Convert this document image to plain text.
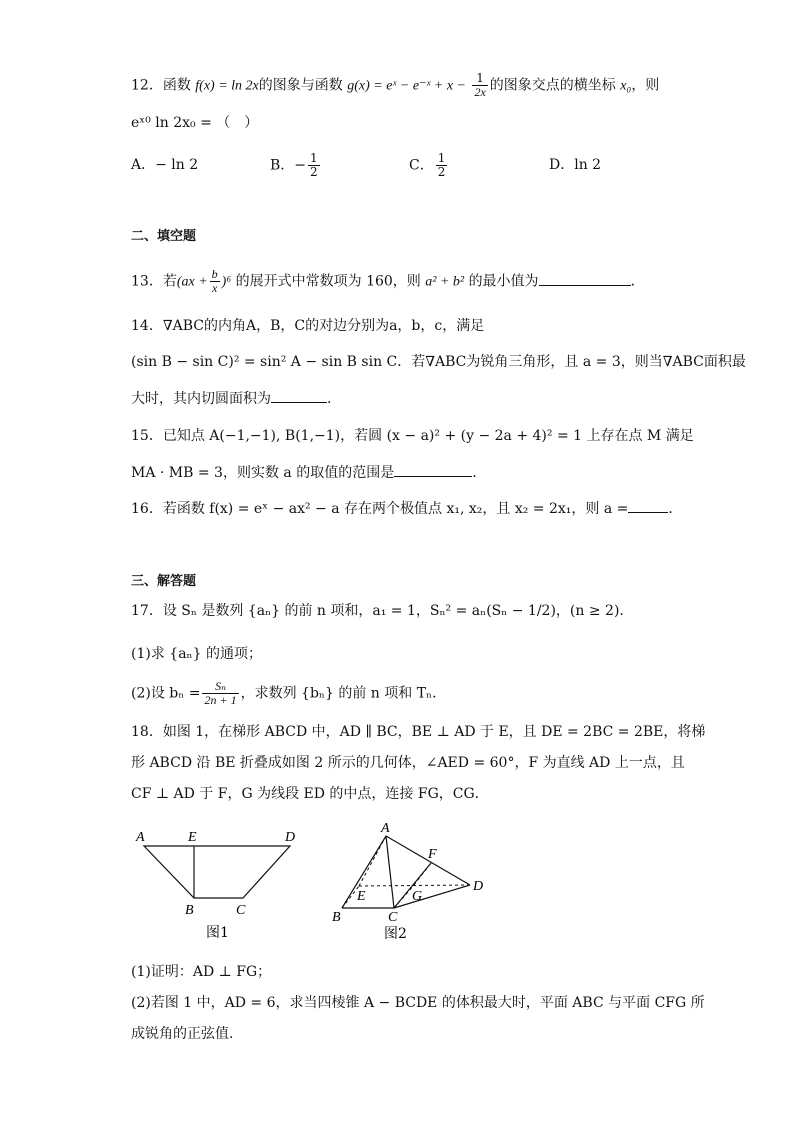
12．函数 f(x) = ln 2x的图象与函数 g(x) = eˣ − e⁻ˣ + $x - \frac{1}{2x}$ 的图象交点的横坐标 x₀，则
eˣ⁰ ln 2x₀ = （　）
A．− ln 2	B．− $\frac{1}{2}$	C． $\frac{1}{2}$	D．ln 2
二、填空题
13．若$(ax + \frac{b}{x} )^6$ 的展开式中常数项为 160，则 a² + b² 的最小值为	．
14．∇ABC的内角A，B，C的对边分别为a，b，c，满足
(sin B − sin C)² = sin² A − sin B sin C．若∇ABC为锐角三角形，且 a = 3，则当∇ABC面积最
大时，其内切圆面积为	.
15．已知点 A(−1,−1), B(1,−1)，若圆 (x − a)² + (y − 2a + 4)² = 1 上存在点 M 满足
MA · MB = 3，则实数 a 的取值的范围是	.
16．若函数 f(x) = eˣ − ax² − a 存在两个极值点 x₁, x₂，且 x₂ = 2x₁，则 a =	．
三、解答题
17．设 Sₙ 是数列 {aₙ} 的前 n 项和，a₁ = 1，Sₙ² = aₙ(Sₙ − 1/2)，(n ≥ 2)．
(1)求 {aₙ} 的通项；
(2)设 $b_n = \frac{\text{Sₙ}}{2n + 1}$ ，求数列 {bₙ} 的前 n 项和 Tₙ．
18．如图 1，在梯形 ABCD 中，AD ∥ BC，BE ⊥ AD 于 E，且 DE = 2BC = 2BE，将梯
形 ABCD 沿 BE 折叠成如图 2 所示的几何体，∠AED = 60°，F 为直线 AD 上一点，且
CF ⊥ AD 于 F，G 为线段 ED 的中点，连接 FG，CG．
A	E	D
B	C
图1
A
F
E	G
D
B	C
图2
(1)证明：AD ⊥ FG；
(2)若图 1 中，AD = 6，求当四棱锥 A − BCDE 的体积最大时，平面 ABC 与平面 CFG 所
成锐角的正弦值.
